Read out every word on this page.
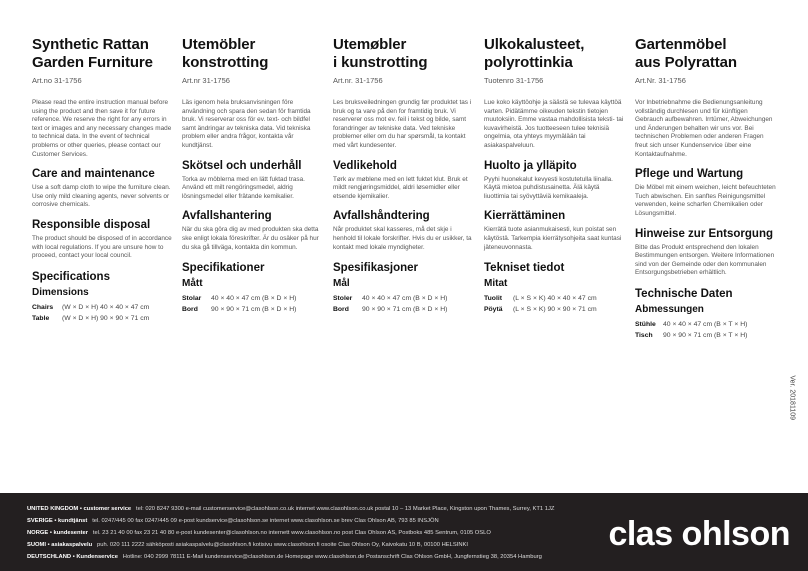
Synthetic Rattan
Garden Furniture
Art.no 31-1756

Please read the entire instruction manual before using the product and then save it for future reference. We reserve the right for any errors in text or images and any necessary changes made to technical data. In the event of technical problems or other queries, please contact our Customer Services.

Care and maintenance

Use a soft damp cloth to wipe the furniture clean. Use only mild cleaning agents, never solvents or corrosive chemicals.

Responsible disposal

The product should be disposed of in accordance with local regulations. If you are unsure how to proceed, contact your local council.

Specifications
Dimensions
Chairs (W × D × H) 40 × 40 × 47 cm
Table (W × D × H) 90 × 90 × 71 cm
Utemöbler
konstrotting
Art.nr 31-1756

Läs igenom hela bruksanvisningen före användning och spara den sedan för framtida bruk. Vi reserverar oss för ev. text- och bildfel samt ändringar av tekniska data. Vid tekniska problem eller andra frågor, kontakta vår kundtjänst.

Skötsel och underhåll

Torka av möblerna med en lätt fuktad trasa. Använd ett milt rengöringsmedel, aldrig lösningsmedel eller frätande kemikalier.

Avfallshantering

När du ska göra dig av med produkten ska detta ske enligt lokala föreskrifter. Är du osäker på hur du ska gå tillväga, kontakta din kommun.

Specifikationer
Mått
Stolar 40 × 40 × 47 cm (B × D × H)
Bord 90 × 90 × 71 cm (B × D × H)
Utemøbler
i kunstrotting
Art.nr. 31-1756

Les bruksveiledningen grundig før produktet tas i bruk og ta vare på den for framtidig bruk. Vi reserverer oss mot ev. feil i tekst og bilde, samt forandringer av tekniske data. Ved tekniske problemer eller om du har spørsmål, ta kontakt med vårt kundesenter.

Vedlikehold

Tørk av møblene med en lett fuktet klut. Bruk et mildt rengjøringsmiddel, aldri løsemidler eller etsende kjemikalier.

Avfallshåndtering

Når produktet skal kasseres, må det skje i henhold til lokale forskrifter. Hvis du er usikker, ta kontakt med lokale myndigheter.

Spesifikasjoner
Mål
Stoler 40 × 40 × 47 cm (B × D × H)
Bord 90 × 90 × 71 cm (B × D × H)
Ulkokalusteet,
polyrottinkia
Tuotenro 31-1756

Lue koko käyttöohje ja säästä se tulevaa käyttöä varten. Pidätämme oikeuden tekstin tietojen muutoksiin. Emme vastaa mahdollisista teksti- tai kuvavirheistä. Jos tuotteeseen tulee teknisiä ongelmia, ota yhteys myymälään tai asiakaspalveluun.

Huolto ja ylläpito

Pyyhi huonekalut kevyesti kostutetulla liinalla. Käytä mietoa puhdistusainetta. Älä käytä liuottimia tai syövyttäviä kemikaaleja.

Kierrättäminen

Kierrätä tuote asianmukaisesti, kun poistat sen käytöstä. Tarkempia kierrätysohjeita saat kuntasi jäteneuvonnasta.

Tekniset tiedot
Mitat
Tuolit (L × S × K) 40 × 40 × 47 cm
Pöytä (L × S × K) 90 × 90 × 71 cm
Gartenmöbel
aus Polyrattan
Art.Nr. 31-1756

Vor Inbetriebnahme die Bedienungsanleitung vollständig durchlesen und für künftigen Gebrauch aufbewahren. Irrtümer, Abweichungen und Änderungen behalten wir uns vor. Bei technischen Problemen oder anderen Fragen freut sich unser Kundenservice über eine Kontaktaufnahme.

Pflege und Wartung

Die Möbel mit einem weichen, leicht befeuchteten Tuch abwischen. Ein sanftes Reinigungsmittel verwenden, keine scharfen Chemikalien oder Lösungsmittel.

Hinweise zur Entsorgung

Bitte das Produkt entsprechend den lokalen Bestimmungen entsorgen. Weitere Informationen sind von der Gemeinde oder den kommunalen Entsorgungsbetrieben erhältlich.

Technische Daten
Abmessungen
Stühle 40 × 40 × 47 cm (B × T × H)
Tisch 90 × 90 × 71 cm (B × T × H)
Ver. 20181109
UNITED KINGDOM • customer service tel: 020 8247 9300 e-mail customerservice@clasohlson.co.uk internet www.clasohlson.co.uk postal 10 – 13 Market Place, Kingston upon Thames, Surrey, KT1 1JZ
SVERIGE • kundtjänst tel. 0247/445 00 fax 0247/445 09 e-post kundservice@clasohlson.se internet www.clasohlson.se brev Clas Ohlson AB, 793 85 INSJÖN
NORGE • kundesenter tel. 23 21 40 00 fax 23 21 40 80 e-post kundesenter@clasohlson.no internett www.clasohlson.no post Clas Ohlson AS, Postboks 485 Sentrum, 0105 OSLO
SUOMI • asiakaspalvelu puh. 020 111 2222 sähköposti asiakaspalvelu@clasohlson.fi kotisivu www.clasohlson.fi osoite Clas Ohlson Oy, Kaivokatu 10 B, 00100 HELSINKI
DEUTSCHLAND • Kundenservice Hotline: 040 2999 78111 E-Mail kundenservice@clasohlson.de Homepage www.clasohlson.de Postanschrift Clas Ohlson GmbH, Jungfernstieg 38, 20354 Hamburg
clas ohlson
